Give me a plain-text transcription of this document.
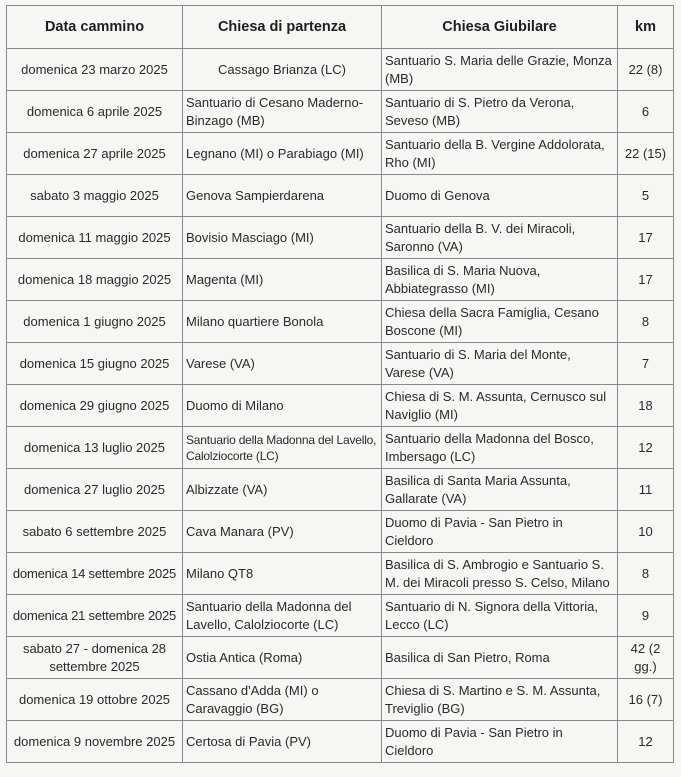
Data cammino	Chiesa di partenza	Chiesa Giubilare	km
domenica 23 marzo 2025	Cassago Brianza (LC)	Santuario S. Maria delle Grazie, Monza (MB)	22 (8)
domenica 6 aprile 2025	Santuario di Cesano Maderno-Binzago (MB)	Santuario di S. Pietro da Verona, Seveso (MB)	6
domenica 27 aprile 2025	Legnano (MI) o Parabiago (MI)	Santuario della B. Vergine Addolorata, Rho (MI)	22 (15)
sabato 3 maggio 2025	Genova Sampierdarena	Duomo di Genova	5
domenica 11 maggio 2025	Bovisio Masciago (MI)	Santuario della B. V. dei Miracoli, Saronno (VA)	17
domenica 18 maggio 2025	Magenta (MI)	Basilica di S. Maria Nuova, Abbiategrasso (MI)	17
domenica 1 giugno 2025	Milano quartiere Bonola	Chiesa della Sacra Famiglia, Cesano Boscone (MI)	8
domenica 15 giugno 2025	Varese (VA)	Santuario di S. Maria del Monte, Varese (VA)	7
domenica 29 giugno 2025	Duomo di Milano	Chiesa di S. M. Assunta, Cernusco sul Naviglio (MI)	18
domenica 13 luglio 2025	Santuario della Madonna del Lavello, Calolziocorte (LC)	Santuario della Madonna del Bosco, Imbersago (LC)	12
domenica 27 luglio 2025	Albizzate (VA)	Basilica di Santa Maria Assunta, Gallarate (VA)	11
sabato 6 settembre 2025	Cava Manara (PV)	Duomo di Pavia - San Pietro in Cieldoro	10
domenica 14 settembre 2025	Milano QT8	Basilica di S. Ambrogio e Santuario S. M. dei Miracoli presso S. Celso, Milano	8
domenica 21 settembre 2025	Santuario della Madonna del Lavello, Calolziocorte (LC)	Santuario di N. Signora della Vittoria, Lecco (LC)	9
sabato 27 - domenica 28 settembre 2025	Ostia Antica (Roma)	Basilica di San Pietro, Roma	42 (2 gg.)
domenica 19 ottobre 2025	Cassano d'Adda (MI) o Caravaggio (BG)	Chiesa di S. Martino e S. M. Assunta, Treviglio (BG)	16 (7)
domenica 9 novembre 2025	Certosa di Pavia (PV)	Duomo di Pavia - San Pietro in Cieldoro	12
